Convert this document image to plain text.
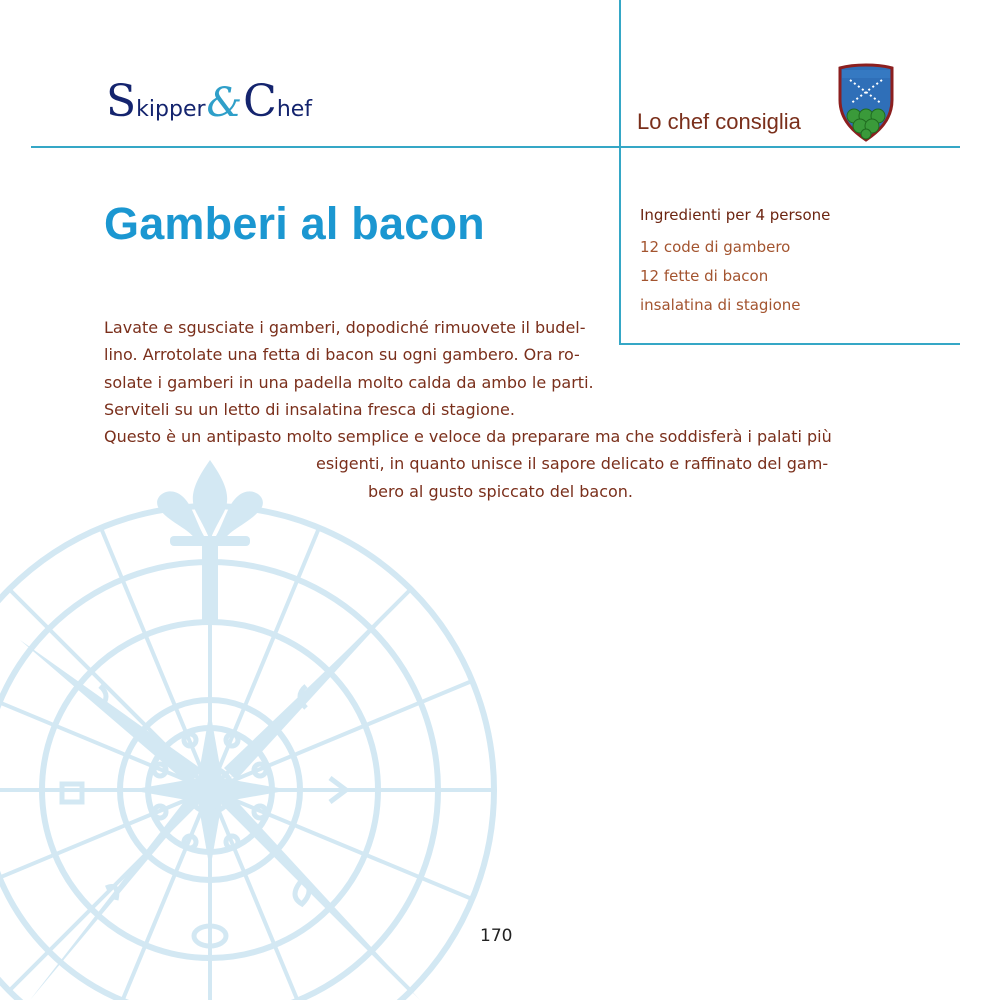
Skipper&Chef	Lo chef consiglia
Gamberi al bacon	Ingredienti per 4 persone
12 code di gambero
12 fette di bacon
insalatina di stagione
Lavate e sgusciate i gamberi, dopodiché rimuovete il budel-
lino. Arrotolate una fetta di bacon su ogni gambero. Ora ro-
solate i gamberi in una padella molto calda da ambo le parti.
Serviteli su un letto di insalatina fresca di stagione.
Questo è un antipasto molto semplice e veloce da preparare ma che soddisferà i palati più
esigenti, in quanto unisce il sapore delicato e raffinato del gam-
bero al gusto spiccato del bacon.
170
